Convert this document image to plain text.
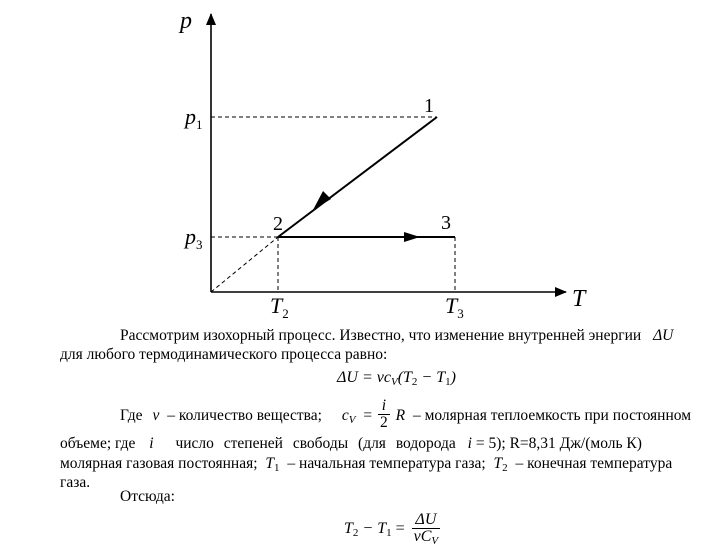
p
T
$p_1$
$p_3$
$T_2$	$T_3$
1
2	3
Рассмотрим изохорный процесс. Известно, что изменение внутренней энергии ΔU
для любого термодинамического процесса равно:
$\Delta U = \nu c_V(T_2 - T_1)$
Где ν – количество вещества; $c_V = \frac{i}{2}$ R – молярная теплоемкость при постоянном
объеме; где i число степеней свободы (для водорода i = 5); R=8,31 Дж/(моль К)
молярная газовая постоянная; $T_1$ – начальная температура газа; $T_2$ – конечная температура
газа.
Отсюда:
$T_2 - T_1 = \frac{\Delta U}{\nu C_V}$
